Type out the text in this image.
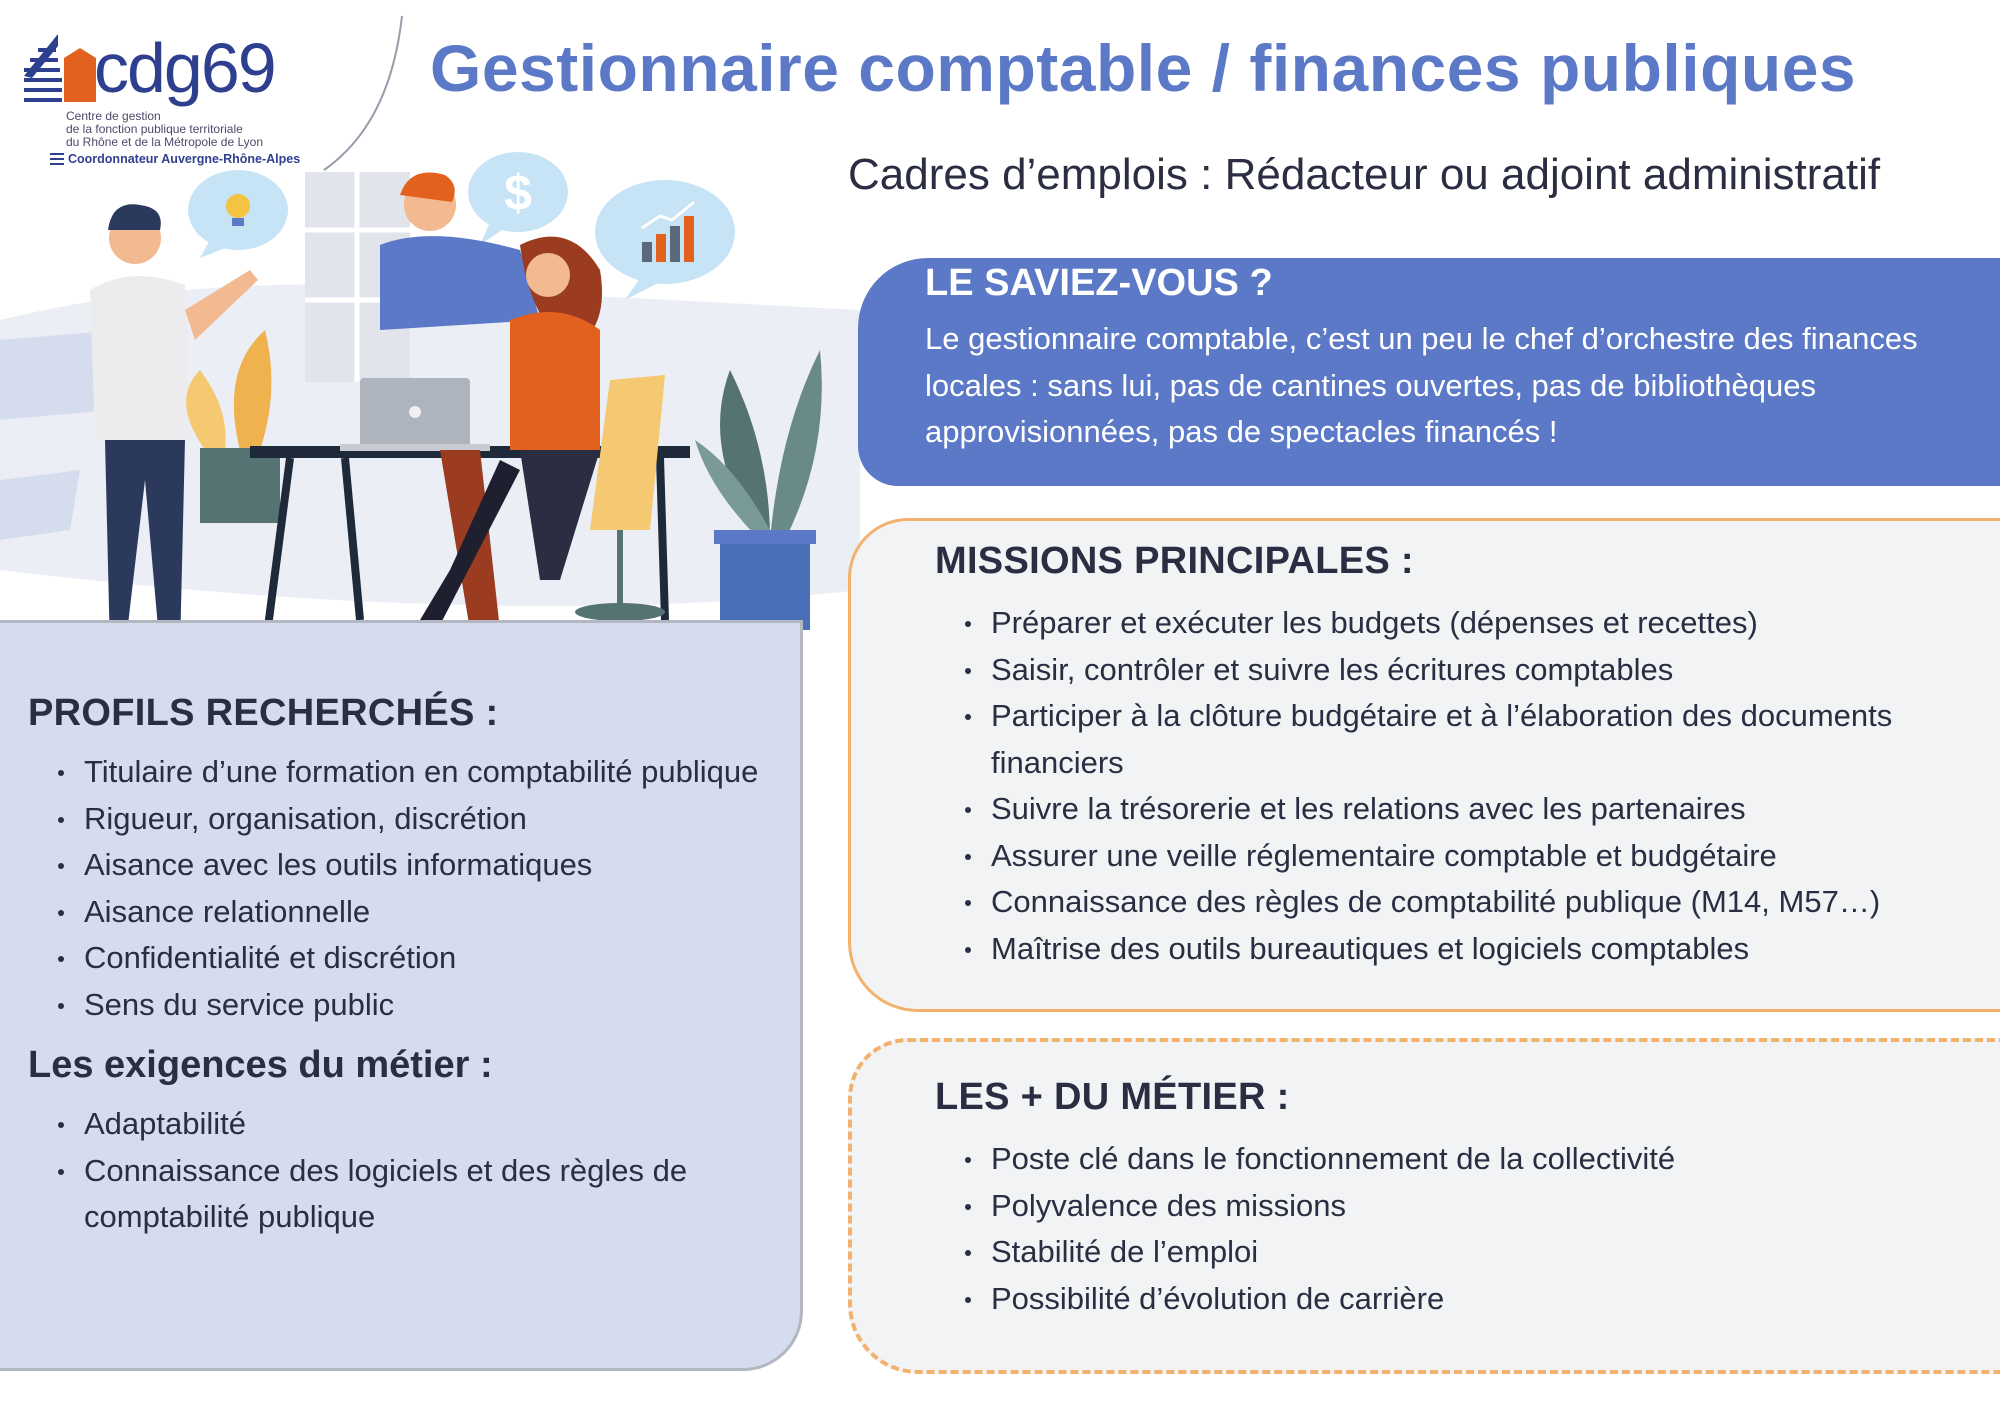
cdg69
Centre de gestion
de la fonction publique territoriale
du Rhône et de la Métropole de Lyon
Coordonnateur Auvergne-Rhône-Alpes
Gestionnaire comptable / finances publiques
Cadres d’emplois : Rédacteur ou adjoint administratif
$
PROFILS RECHERCHÉS :
Titulaire d’une formation en comptabilité publique
Rigueur, organisation, discrétion
Aisance avec les outils informatiques
Aisance relationnelle
Confidentialité et discrétion
Sens du service public
Les exigences du métier :
Adaptabilité
Connaissance des logiciels et des règles de comptabilité publique
LE SAVIEZ-VOUS ?
Le gestionnaire comptable, c’est un peu le chef d’orchestre des finances locales : sans lui, pas de cantines ouvertes, pas de bibliothèques approvisionnées, pas de spectacles financés !
MISSIONS PRINCIPALES :
Préparer et exécuter les budgets (dépenses et recettes)
Saisir, contrôler et suivre les écritures comptables
Participer à la clôture budgétaire et à l’élaboration des documents financiers
Suivre la trésorerie et les relations avec les partenaires
Assurer une veille réglementaire comptable et budgétaire
Connaissance des règles de comptabilité publique (M14, M57…)
Maîtrise des outils bureautiques et logiciels comptables
LES + DU MÉTIER :
Poste clé dans le fonctionnement de la collectivité
Polyvalence des missions
Stabilité de l’emploi
Possibilité d’évolution de carrière
